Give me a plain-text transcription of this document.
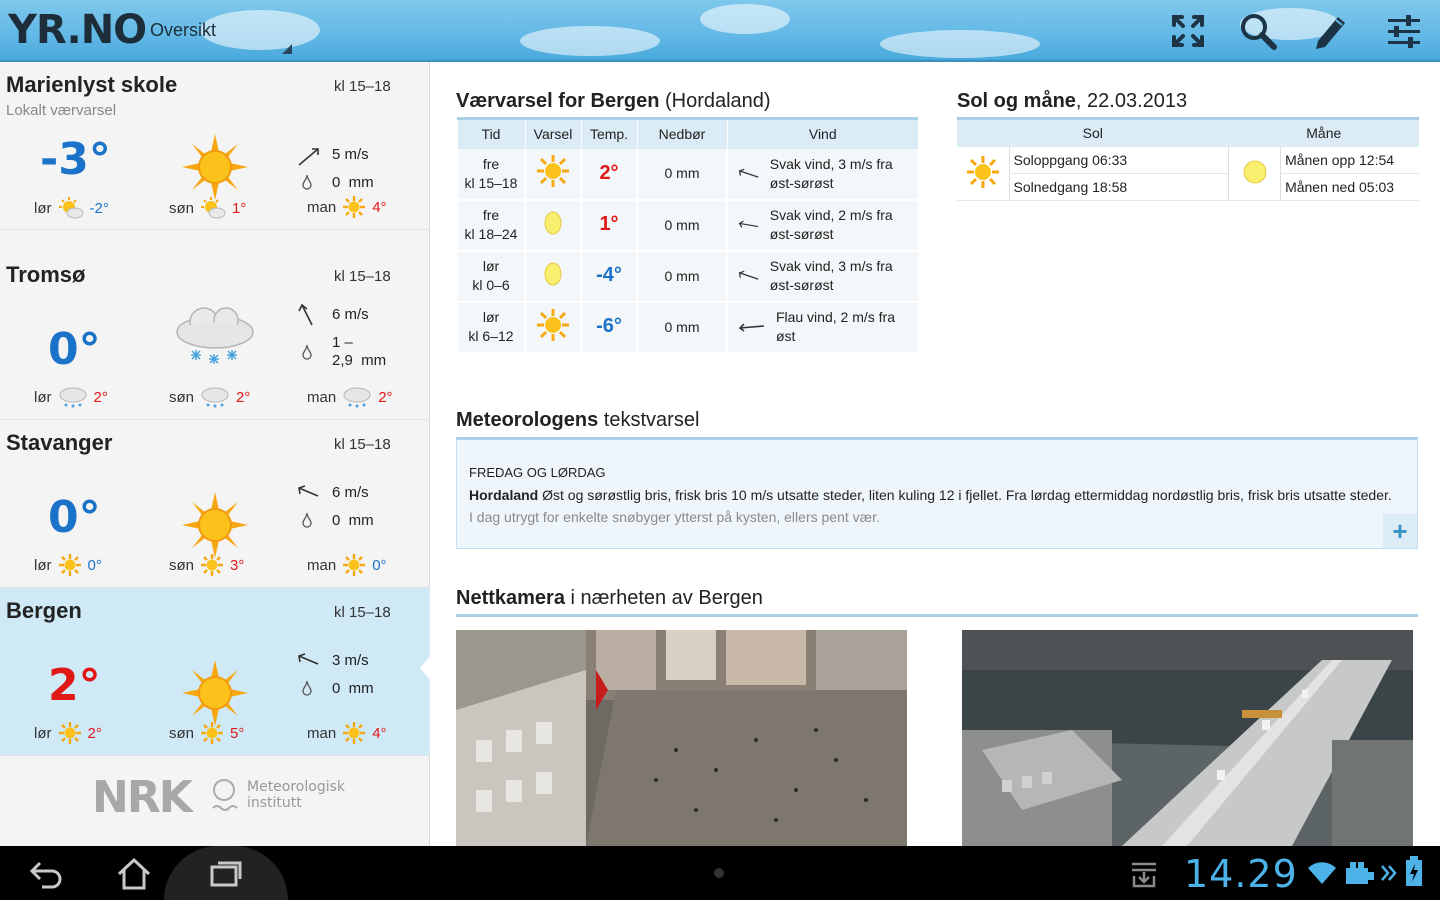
YR.NO Oversikt
Marienlyst skole
Lokalt værvarsel
kl 15–18
-3°	5 m/s
0  mm
lør	-2°	søn	1°	man 4°
Tromsø	kl 15–18
0°
6 m/s
1 –
2,9  mm
lør	2°	søn	2°	man	2°
Stavanger	kl 15–18
0°	6 m/s
0  mm
lør 0°	søn 3°	man 0°
Bergen	kl 15–18
2°	3 m/s
0  mm
lør 2°	søn 5°	man 4°
NRK	Meteorologisk
institutt
Værvarsel for Bergen (Hordaland)
Tid	Varsel	Temp.	Nedbør	Vind

fre
kl 15–18		2°	0 mm	Svak vind, 3 m/s fra øst-sørøst

fre
kl 18–24		1°	0 mm	Svak vind, 2 m/s fra øst-sørøst

lør
kl 0–6		-4°	0 mm	Svak vind, 3 m/s fra øst-sørøst

lør
kl 6–12		-6°	0 mm	Flau vind, 2 m/s fra øst
Sol og måne, 22.03.2013
Sol		Måne	
	Soloppgang 06:33		Månen opp 12:54
	Solnedgang 18:58		Månen ned 05:03
Meteorologens tekstvarsel
FREDAG OG LØRDAG
Hordaland Øst og sørøstlig bris, frisk bris 10 m/s utsatte steder, liten kuling 12 i fjellet. Fra lørdag ettermiddag nordøstlig bris, frisk bris utsatte steder.
I dag utrygt for enkelte snøbyger ytterst på kysten, ellers pent vær.	+
Nettkamera i nærheten av Bergen
14.29
